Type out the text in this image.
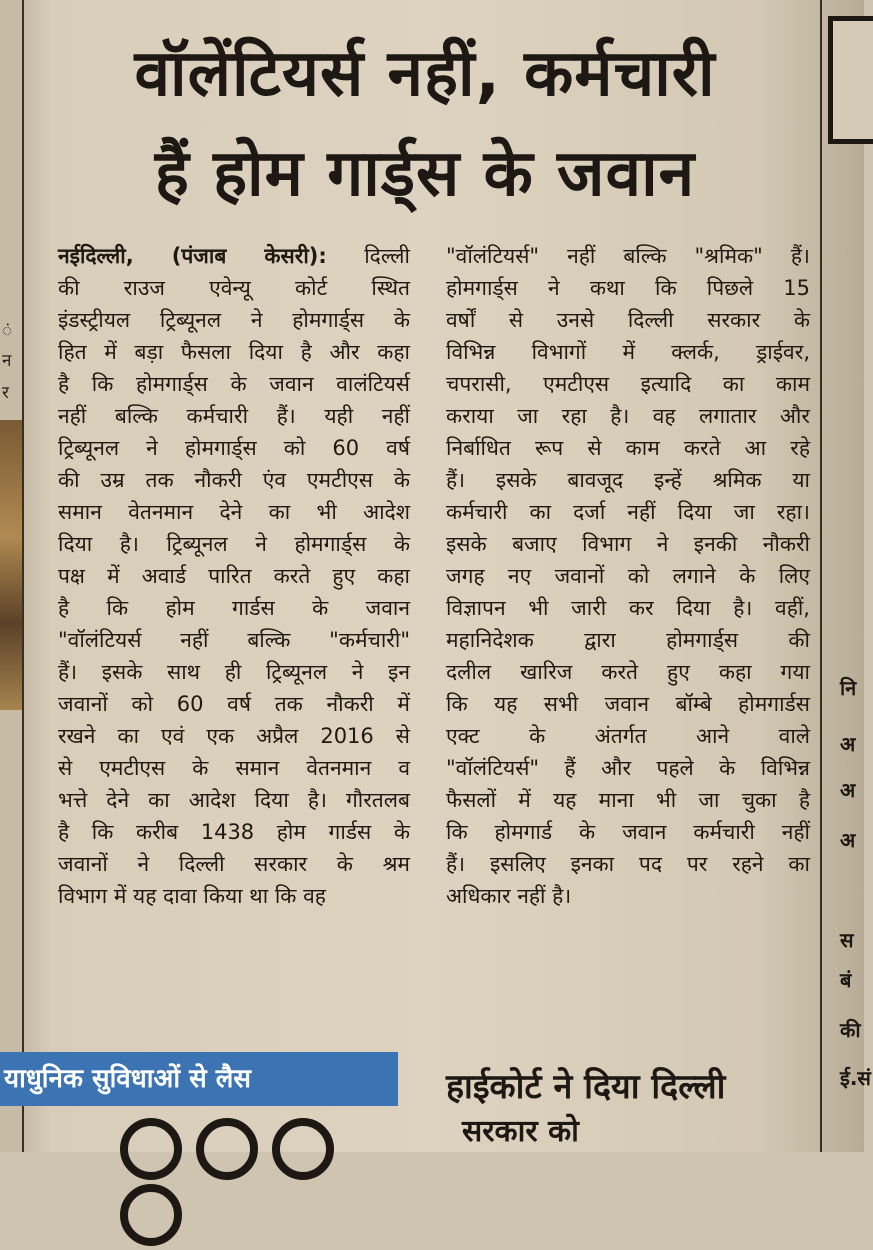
ं
न
र
नि
अ
अ
अ
स
बं
की
ई.सं
वॉलेंटियर्स नहीं, कर्मचारी
हैं होम गार्ड्स के जवान
नईदिल्ली, (पंजाब केसरी): दिल्ली
की राउज एवेन्यू कोर्ट स्थित
इंडस्ट्रीयल ट्रिब्यूनल ने होमगार्ड्स के
हित में बड़ा फैसला दिया है और कहा
है कि होमगार्ड्स के जवान वालंटियर्स
नहीं बल्कि कर्मचारी हैं। यही नहीं
ट्रिब्यूनल ने होमगार्ड्स को 60 वर्ष
की उम्र तक नौकरी एंव एमटीएस के
समान वेतनमान देने का भी आदेश
दिया है। ट्रिब्यूनल ने होमगार्ड्स के
पक्ष में अवार्ड पारित करते हुए कहा
है कि होम गार्डस के जवान
"वॉलंटियर्स नहीं बल्कि "कर्मचारी"
हैं। इसके साथ ही ट्रिब्यूनल ने इन
जवानों को 60 वर्ष तक नौकरी में
रखने का एवं एक अप्रैल 2016 से
से एमटीएस के समान वेतनमान व
भत्ते देने का आदेश दिया है। गौरतलब
है कि करीब 1438 होम गार्डस के
जवानों ने दिल्ली सरकार के श्रम
विभाग में यह दावा किया था कि वह
"वॉलंटियर्स" नहीं बल्कि "श्रमिक" हैं।
होमगार्ड्स ने कथा कि पिछले 15
वर्षों से उनसे दिल्ली सरकार के
विभिन्न विभागों में क्लर्क, ड्राईवर,
चपरासी, एमटीएस इत्यादि का काम
कराया जा रहा है। वह लगातार और
निर्बाधित रूप से काम करते आ रहे
हैं। इसके बावजूद इन्हें श्रमिक या
कर्मचारी का दर्जा नहीं दिया जा रहा।
इसके बजाए विभाग ने इनकी नौकरी
जगह नए जवानों को लगाने के लिए
विज्ञापन भी जारी कर दिया है। वहीं,
महानिदेशक द्वारा होमगार्ड्स की
दलील खारिज करते हुए कहा गया
कि यह सभी जवान बॉम्बे होमगार्डस
एक्ट के अंतर्गत आने वाले
"वॉलंटियर्स" हैं और पहले के विभिन्न
फैसलों में यह माना भी जा चुका है
कि होमगार्ड के जवान कर्मचारी नहीं
हैं। इसलिए इनका पद पर रहने का
अधिकार नहीं है।
याधुनिक सुविधाओं से लैस	हाईकोर्ट ने दिया दिल्ली
सरकार को
